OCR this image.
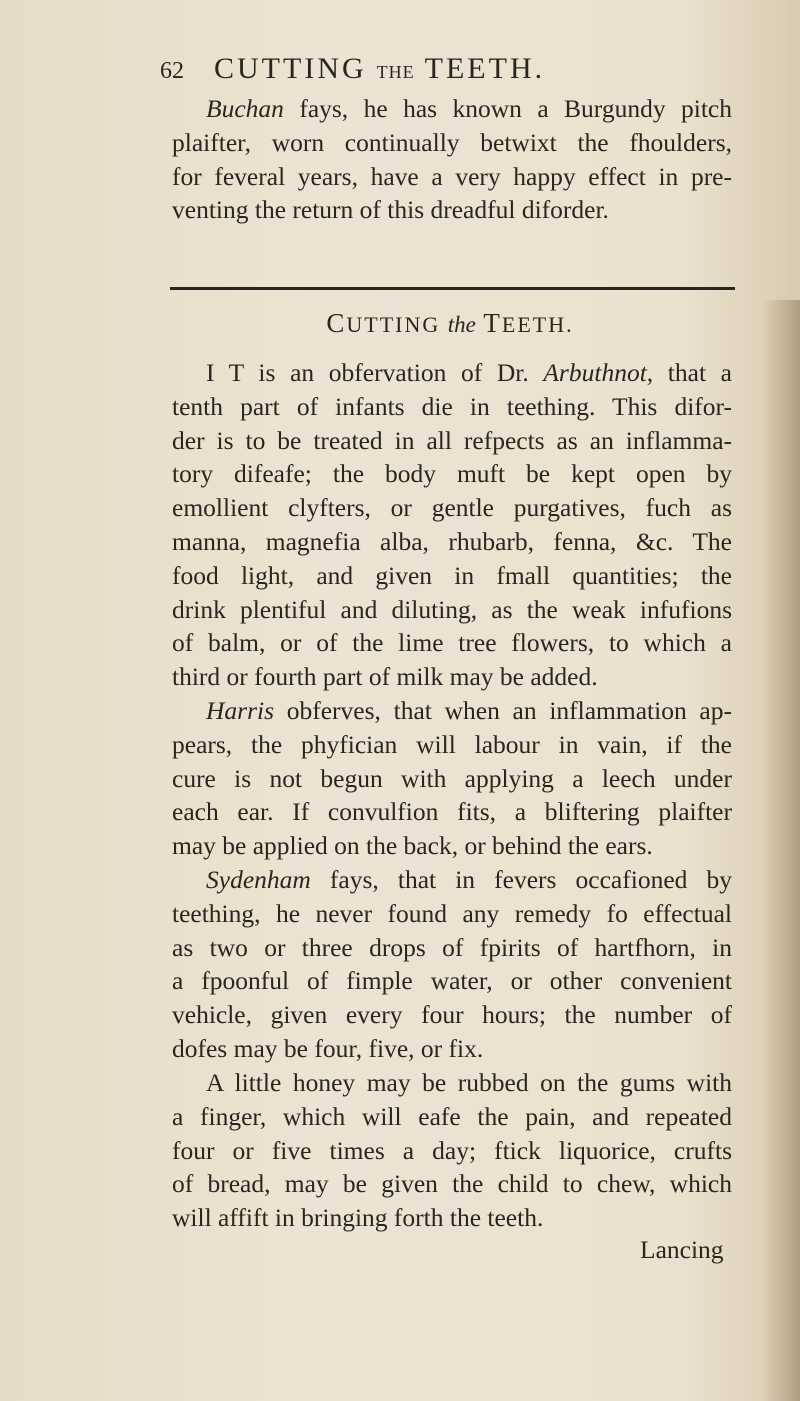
62 CUTTING THE TEETH.
Buchan fays, he has known a Burgundy pitch
plaifter, worn continually betwixt the fhoulders,
for feveral years, have a very happy effect in pre-
venting the return of this dreadful diforder.
CUTTING the TEETH.
I T is an obfervation of Dr. Arbuthnot, that a
tenth part of infants die in teething. This difor-
der is to be treated in all refpects as an inflamma-
tory difeafe; the body muft be kept open by
emollient clyfters, or gentle purgatives, fuch as
manna, magnefia alba, rhubarb, fenna, &c. The
food light, and given in fmall quantities; the
drink plentiful and diluting, as the weak infufions
of balm, or of the lime tree flowers, to which a
third or fourth part of milk may be added.
Harris obferves, that when an inflammation ap-
pears, the phyfician will labour in vain, if the
cure is not begun with applying a leech under
each ear. If convulfion fits, a bliftering plaifter
may be applied on the back, or behind the ears.
Sydenham fays, that in fevers occafioned by
teething, he never found any remedy fo effectual
as two or three drops of fpirits of hartfhorn, in
a fpoonful of fimple water, or other convenient
vehicle, given every four hours; the number of
dofes may be four, five, or fix.
A little honey may be rubbed on the gums with
a finger, which will eafe the pain, and repeated
four or five times a day; ftick liquorice, crufts
of bread, may be given the child to chew, which
will affift in bringing forth the teeth.
Lancing
